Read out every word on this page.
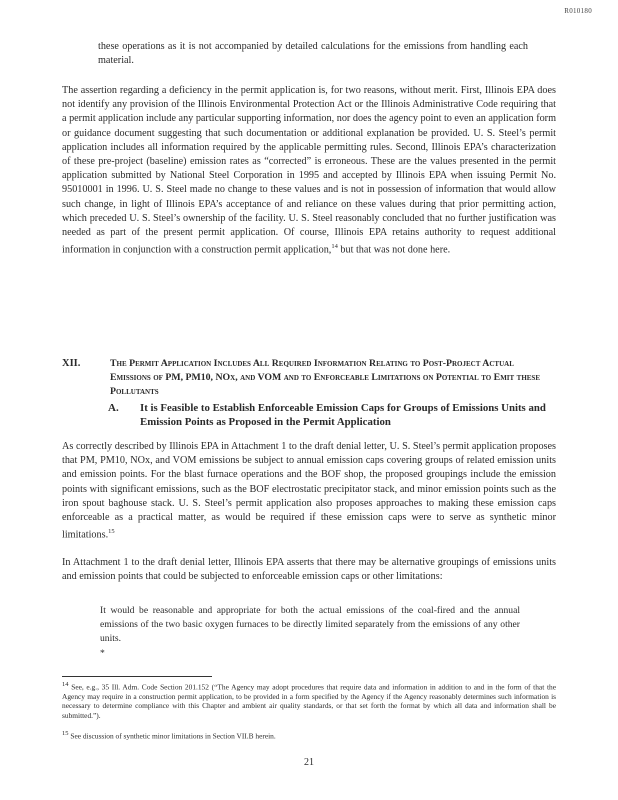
R010180

these operations as it is not accompanied by detailed calculations for the emissions from handling each material.

The assertion regarding a deficiency in the permit application is, for two reasons, without merit. First, Illinois EPA does not identify any provision of the Illinois Environmental Protection Act or the Illinois Administrative Code requiring that a permit application include any particular supporting information, nor does the agency point to even an application form or guidance document suggesting that such documentation or additional explanation be provided. U. S. Steel’s permit application includes all information required by the applicable permitting rules. Second, Illinois EPA’s characterization of these pre-project (baseline) emission rates as “corrected” is erroneous. These are the values presented in the permit application submitted by National Steel Corporation in 1995 and accepted by Illinois EPA when issuing Permit No. 95010001 in 1996. U. S. Steel made no change to these values and is not in possession of information that would allow such change, in light of Illinois EPA’s acceptance of and reliance on these values during that prior permitting action, which preceded U. S. Steel’s ownership of the facility. U. S. Steel reasonably concluded that no further justification was needed as part of the present permit application. Of course, Illinois EPA retains authority to request additional information in conjunction with a construction permit application,$^{14}$ but that was not done here.

XII.	The Permit Application Includes All Required Information Relating to Post-Project Actual Emissions of PM, PM10, NOx, and VOM and to Enforceable Limitations on Potential to Emit these Pollutants
A. It is Feasible to Establish Enforceable Emission Caps for Groups of Emissions Units and Emission Points as Proposed in the Permit Application

As correctly described by Illinois EPA in Attachment 1 to the draft denial letter, U. S. Steel’s permit application proposes that PM, PM10, NOx, and VOM emissions be subject to annual emission caps covering groups of related emission units and emission points. For the blast furnace operations and the BOF shop, the proposed groupings include the emission points with significant emissions, such as the BOF electrostatic precipitator stack, and minor emission points such as the iron spout baghouse stack. U. S. Steel’s permit application also proposes approaches to making these emission caps enforceable as a practical matter, as would be required if these emission caps were to serve as synthetic minor limitations.$^{15}$

In Attachment 1 to the draft denial letter, Illinois EPA asserts that there may be alternative groupings of emissions units and emission points that could be subjected to enforceable emission caps or other limitations:

It would be reasonable and appropriate for both the actual emissions of the coal-fired and the annual emissions of the two basic oxygen furnaces to be directly limited separately from the emissions of any other units.
*
$^{14}$ See, e.g., 35 Ill. Adm. Code Section 201.152 (“The Agency may adopt procedures that require data and information in addition to and in the form of that the Agency may require in a construction permit application, to be provided in a form specified by the Agency if the Agency reasonably determines such information is necessary to determine compliance with this Chapter and ambient air quality standards, or that set forth the format by which all data and information shall be submitted.”).
$^{15}$ See discussion of synthetic minor limitations in Section VII.B herein.
21
